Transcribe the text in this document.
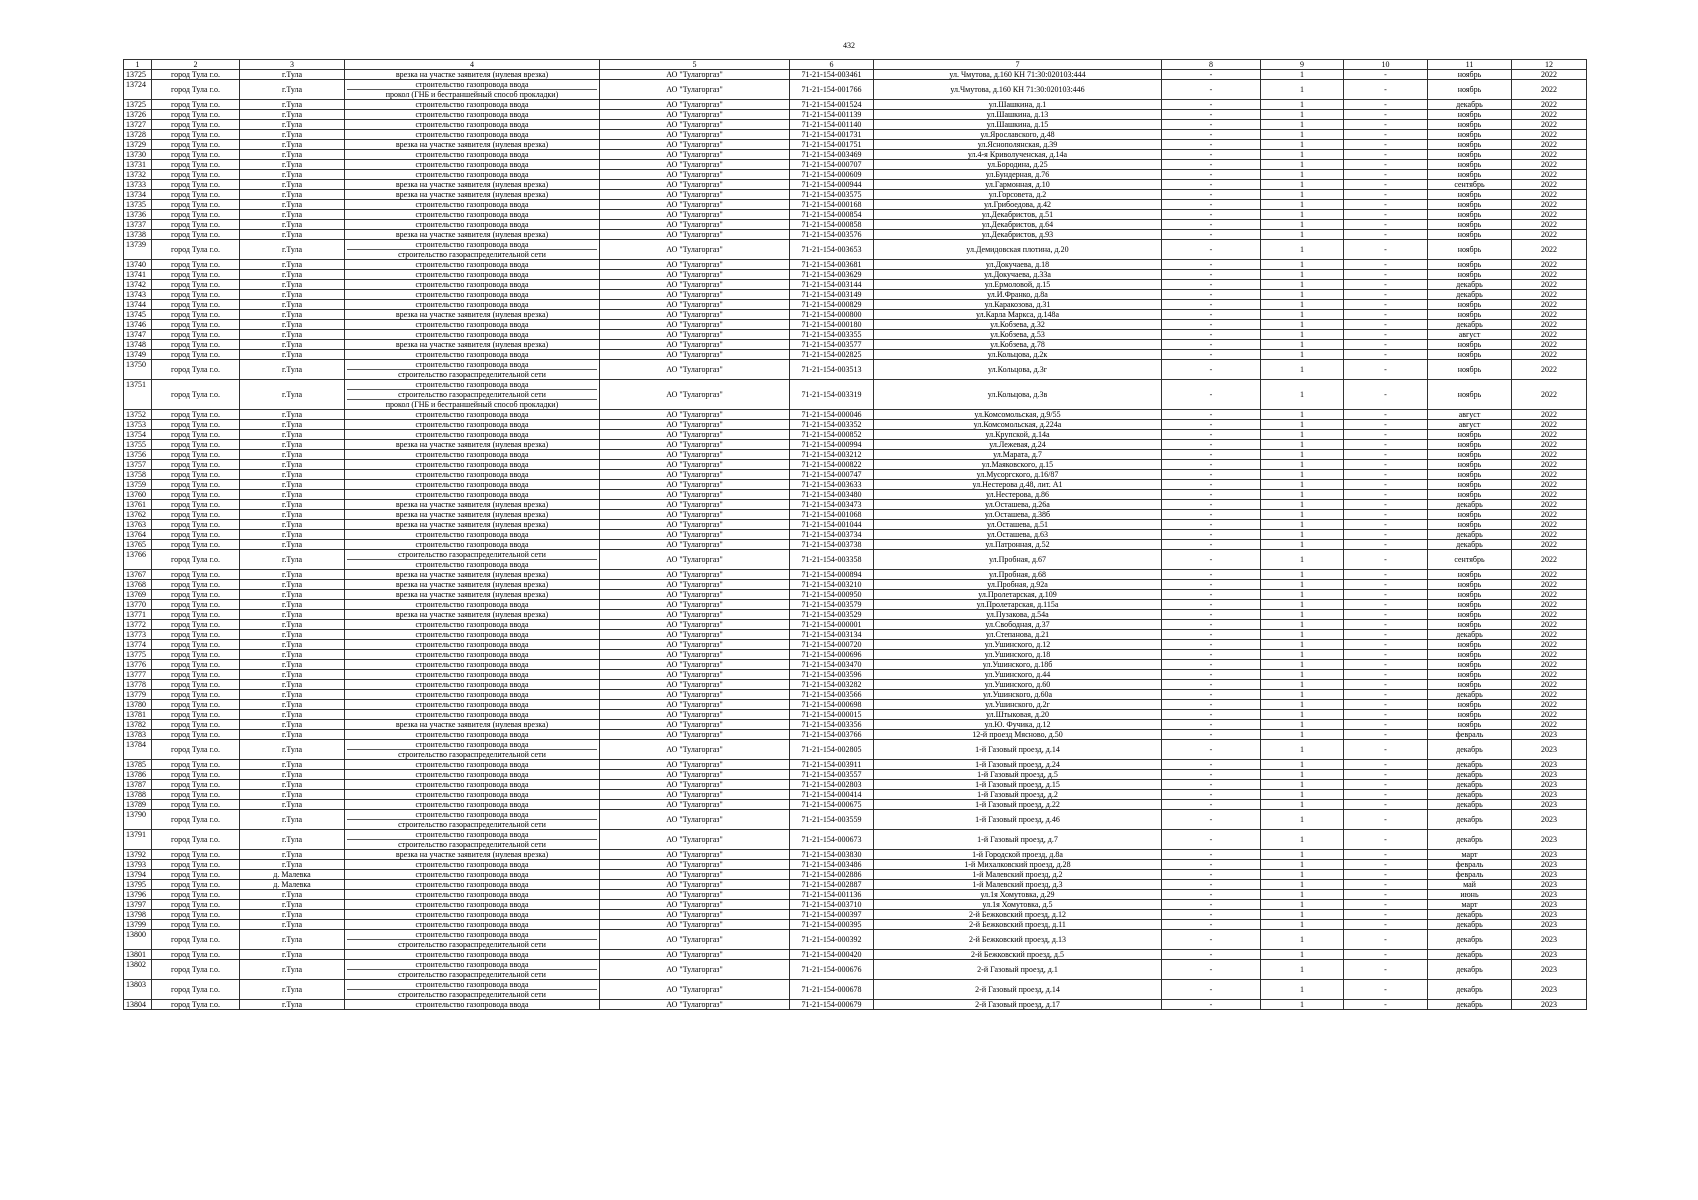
432
1	2	3	4	5	6	7	8	9	10	11	12
13725	город Тула г.о.	г.Тула	врезка на участке заявителя (нулевая врезка)	АО "Тулагоргаз"	71-21-154-003461	ул. Чмутова, д.160 КН 71:30:020103:444	-	1	-	ноябрь	2022
13724	город Тула г.о.	г.Тула	строительство газопровода ввода
прокол (ГНБ и бестраншейный способ прокладки)	АО "Тулагоргаз"	71-21-154-001766	ул.Чмутова, д.160 КН 71:30:020103:446	-	1	-	ноябрь	2022
13725	город Тула г.о.	г.Тула	строительство газопровода ввода	АО "Тулагоргаз"	71-21-154-001524	ул.Шашкина, д.1	-	1	-	декабрь	2022
13726	город Тула г.о.	г.Тула	строительство газопровода ввода	АО "Тулагоргаз"	71-21-154-001139	ул.Шашкина, д.13	-	1	-	ноябрь	2022
13727	город Тула г.о.	г.Тула	строительство газопровода ввода	АО "Тулагоргаз"	71-21-154-001140	ул.Шашкина, д.15	-	1	-	ноябрь	2022
13728	город Тула г.о.	г.Тула	строительство газопровода ввода	АО "Тулагоргаз"	71-21-154-001731	ул.Ярославского, д.48	-	1	-	ноябрь	2022
13729	город Тула г.о.	г.Тула	врезка на участке заявителя (нулевая врезка)	АО "Тулагоргаз"	71-21-154-001751	ул.Яснополянская, д.39	-	1	-	ноябрь	2022
13730	город Тула г.о.	г.Тула	строительство газопровода ввода	АО "Тулагоргаз"	71-21-154-003469	ул.4-я Криволученская, д.14а	-	1	-	ноябрь	2022
13731	город Тула г.о.	г.Тула	строительство газопровода ввода	АО "Тулагоргаз"	71-21-154-000707	ул.Бородина, д.25	-	1	-	ноябрь	2022
13732	город Тула г.о.	г.Тула	строительство газопровода ввода	АО "Тулагоргаз"	71-21-154-000609	ул.Бундерная, д.76	-	1	-	ноябрь	2022
13733	город Тула г.о.	г.Тула	врезка на участке заявителя (нулевая врезка)	АО "Тулагоргаз"	71-21-154-000944	ул.Гармонная, д.10	-	1	-	сентябрь	2022
13734	город Тула г.о.	г.Тула	врезка на участке заявителя (нулевая врезка)	АО "Тулагоргаз"	71-21-154-003575	ул.Горсовета, д.2	-	1	-	ноябрь	2022
13735	город Тула г.о.	г.Тула	строительство газопровода ввода	АО "Тулагоргаз"	71-21-154-000168	ул.Грибоедова, д.42	-	1	-	ноябрь	2022
13736	город Тула г.о.	г.Тула	строительство газопровода ввода	АО "Тулагоргаз"	71-21-154-000854	ул.Декабристов, д.51	-	1	-	ноябрь	2022
13737	город Тула г.о.	г.Тула	строительство газопровода ввода	АО "Тулагоргаз"	71-21-154-000858	ул.Декабристов, д.64	-	1	-	ноябрь	2022
13738	город Тула г.о.	г.Тула	врезка на участке заявителя (нулевая врезка)	АО "Тулагоргаз"	71-21-154-003576	ул.Декабристов, д.93	-	1	-	ноябрь	2022
13739	город Тула г.о.	г.Тула	строительство газопровода ввода
строительство газораспределительной сети	АО "Тулагоргаз"	71-21-154-003653	ул.Демидовская плотина, д.20	-	1	-	ноябрь	2022
13740	город Тула г.о.	г.Тула	строительство газопровода ввода	АО "Тулагоргаз"	71-21-154-003681	ул.Докучаева, д.18	-	1	-	ноябрь	2022
13741	город Тула г.о.	г.Тула	строительство газопровода ввода	АО "Тулагоргаз"	71-21-154-003629	ул.Докучаева, д.33а	-	1	-	ноябрь	2022
13742	город Тула г.о.	г.Тула	строительство газопровода ввода	АО "Тулагоргаз"	71-21-154-003144	ул.Ермоловой, д.15	-	1	-	декабрь	2022
13743	город Тула г.о.	г.Тула	строительство газопровода ввода	АО "Тулагоргаз"	71-21-154-003149	ул.И.Франко, д.8а	-	1	-	декабрь	2022
13744	город Тула г.о.	г.Тула	строительство газопровода ввода	АО "Тулагоргаз"	71-21-154-000829	ул.Каракозова, д.31	-	1	-	ноябрь	2022
13745	город Тула г.о.	г.Тула	врезка на участке заявителя (нулевая врезка)	АО "Тулагоргаз"	71-21-154-000800	ул.Карла Маркса, д.148а	-	1	-	ноябрь	2022
13746	город Тула г.о.	г.Тула	строительство газопровода ввода	АО "Тулагоргаз"	71-21-154-000180	ул.Кобзева, д.32	-	1	-	декабрь	2022
13747	город Тула г.о.	г.Тула	строительство газопровода ввода	АО "Тулагоргаз"	71-21-154-003355	ул.Кобзева, д.53	-	1	-	август	2022
13748	город Тула г.о.	г.Тула	врезка на участке заявителя (нулевая врезка)	АО "Тулагоргаз"	71-21-154-003577	ул.Кобзева, д.78	-	1	-	ноябрь	2022
13749	город Тула г.о.	г.Тула	строительство газопровода ввода	АО "Тулагоргаз"	71-21-154-002825	ул.Кольцова, д.2к	-	1	-	ноябрь	2022
13750	город Тула г.о.	г.Тула	строительство газопровода ввода
строительство газораспределительной сети	АО "Тулагоргаз"	71-21-154-003513	ул.Кольцова, д.3г	-	1	-	ноябрь	2022
13751	город Тула г.о.	г.Тула	строительство газопровода ввода
строительство газораспределительной сети
прокол (ГНБ и бестраншейный способ прокладки)	АО "Тулагоргаз"	71-21-154-003319	ул.Кольцова, д.3в	-	1	-	ноябрь	2022
13752	город Тула г.о.	г.Тула	строительство газопровода ввода	АО "Тулагоргаз"	71-21-154-000046	ул.Комсомольская, д.9/55	-	1	-	август	2022
13753	город Тула г.о.	г.Тула	строительство газопровода ввода	АО "Тулагоргаз"	71-21-154-003352	ул.Комсомольская, д.224а	-	1	-	август	2022
13754	город Тула г.о.	г.Тула	строительство газопровода ввода	АО "Тулагоргаз"	71-21-154-000852	ул.Крупской, д.14а	-	1	-	ноябрь	2022
13755	город Тула г.о.	г.Тула	врезка на участке заявителя (нулевая врезка)	АО "Тулагоргаз"	71-21-154-000994	ул.Лежевая, д.24	-	1	-	ноябрь	2022
13756	город Тула г.о.	г.Тула	строительство газопровода ввода	АО "Тулагоргаз"	71-21-154-003212	ул.Марата, д.7	-	1	-	ноябрь	2022
13757	город Тула г.о.	г.Тула	строительство газопровода ввода	АО "Тулагоргаз"	71-21-154-000822	ул.Маяковского, д.15	-	1	-	ноябрь	2022
13758	город Тула г.о.	г.Тула	строительство газопровода ввода	АО "Тулагоргаз"	71-21-154-000747	ул.Мусоргского, д.16/87	-	1	-	ноябрь	2022
13759	город Тула г.о.	г.Тула	строительство газопровода ввода	АО "Тулагоргаз"	71-21-154-003633	ул.Нестерова д.48, лит. А1	-	1	-	ноябрь	2022
13760	город Тула г.о.	г.Тула	строительство газопровода ввода	АО "Тулагоргаз"	71-21-154-003480	ул.Нестерова, д.86	-	1	-	ноябрь	2022
13761	город Тула г.о.	г.Тула	врезка на участке заявителя (нулевая врезка)	АО "Тулагоргаз"	71-21-154-003473	ул.Осташева, д.26а	-	1	-	декабрь	2022
13762	город Тула г.о.	г.Тула	врезка на участке заявителя (нулевая врезка)	АО "Тулагоргаз"	71-21-154-001068	ул.Осташева, д.38б	-	1	-	ноябрь	2022
13763	город Тула г.о.	г.Тула	врезка на участке заявителя (нулевая врезка)	АО "Тулагоргаз"	71-21-154-001044	ул.Осташева, д.51	-	1	-	ноябрь	2022
13764	город Тула г.о.	г.Тула	строительство газопровода ввода	АО "Тулагоргаз"	71-21-154-003734	ул.Осташева, д.63	-	1	-	декабрь	2022
13765	город Тула г.о.	г.Тула	строительство газопровода ввода	АО "Тулагоргаз"	71-21-154-003738	ул.Патронная, д.52	-	1	-	декабрь	2022
13766	город Тула г.о.	г.Тула	строительство газораспределительной сети
строительство газопровода ввода	АО "Тулагоргаз"	71-21-154-003358	ул.Пробная, д.67	-	1	-	сентябрь	2022
13767	город Тула г.о.	г.Тула	врезка на участке заявителя (нулевая врезка)	АО "Тулагоргаз"	71-21-154-000894	ул.Пробная, д.68	-	1	-	ноябрь	2022
13768	город Тула г.о.	г.Тула	врезка на участке заявителя (нулевая врезка)	АО "Тулагоргаз"	71-21-154-003210	ул.Пробная, д.92а	-	1	-	ноябрь	2022
13769	город Тула г.о.	г.Тула	врезка на участке заявителя (нулевая врезка)	АО "Тулагоргаз"	71-21-154-000950	ул.Пролетарская, д.109	-	1	-	ноябрь	2022
13770	город Тула г.о.	г.Тула	строительство газопровода ввода	АО "Тулагоргаз"	71-21-154-003579	ул.Пролетарская, д.115а	-	1	-	ноябрь	2022
13771	город Тула г.о.	г.Тула	врезка на участке заявителя (нулевая врезка)	АО "Тулагоргаз"	71-21-154-003529	ул.Пузакова, д.54а	-	1	-	ноябрь	2022
13772	город Тула г.о.	г.Тула	строительство газопровода ввода	АО "Тулагоргаз"	71-21-154-000001	ул.Свободная, д.37	-	1	-	ноябрь	2022
13773	город Тула г.о.	г.Тула	строительство газопровода ввода	АО "Тулагоргаз"	71-21-154-003134	ул.Степанова, д.21	-	1	-	декабрь	2022
13774	город Тула г.о.	г.Тула	строительство газопровода ввода	АО "Тулагоргаз"	71-21-154-000720	ул.Ушинского, д.12	-	1	-	ноябрь	2022
13775	город Тула г.о.	г.Тула	строительство газопровода ввода	АО "Тулагоргаз"	71-21-154-000696	ул.Ушинского, д.18	-	1	-	ноябрь	2022
13776	город Тула г.о.	г.Тула	строительство газопровода ввода	АО "Тулагоргаз"	71-21-154-003470	ул.Ушинского, д.18б	-	1	-	ноябрь	2022
13777	город Тула г.о.	г.Тула	строительство газопровода ввода	АО "Тулагоргаз"	71-21-154-003596	ул.Ушинского, д.44	-	1	-	ноябрь	2022
13778	город Тула г.о.	г.Тула	строительство газопровода ввода	АО "Тулагоргаз"	71-21-154-003282	ул.Ушинского, д.60	-	1	-	ноябрь	2022
13779	город Тула г.о.	г.Тула	строительство газопровода ввода	АО "Тулагоргаз"	71-21-154-003566	ул.Ушинского, д.60а	-	1	-	декабрь	2022
13780	город Тула г.о.	г.Тула	строительство газопровода ввода	АО "Тулагоргаз"	71-21-154-000698	ул.Ушинского, д.2г	-	1	-	ноябрь	2022
13781	город Тула г.о.	г.Тула	строительство газопровода ввода	АО "Тулагоргаз"	71-21-154-000015	ул.Штыковая, д.20	-	1	-	ноябрь	2022
13782	город Тула г.о.	г.Тула	врезка на участке заявителя (нулевая врезка)	АО "Тулагоргаз"	71-21-154-003356	ул.Ю. Фучика, д.12	-	1	-	ноябрь	2022
13783	город Тула г.о.	г.Тула	строительство газопровода ввода	АО "Тулагоргаз"	71-21-154-003766	12-й проезд Мясново, д.50	-	1	-	февраль	2023
13784	город Тула г.о.	г.Тула	строительство газопровода ввода
строительство газораспределительной сети	АО "Тулагоргаз"	71-21-154-002805	1-й Газовый проезд, д.14	-	1	-	декабрь	2023
13785	город Тула г.о.	г.Тула	строительство газопровода ввода	АО "Тулагоргаз"	71-21-154-003911	1-й Газовый проезд, д.24	-	1	-	декабрь	2023
13786	город Тула г.о.	г.Тула	строительство газопровода ввода	АО "Тулагоргаз"	71-21-154-003557	1-й Газовый проезд, д.5	-	1	-	декабрь	2023
13787	город Тула г.о.	г.Тула	строительство газопровода ввода	АО "Тулагоргаз"	71-21-154-002803	1-й Газовый проезд, д.15	-	1	-	декабрь	2023
13788	город Тула г.о.	г.Тула	строительство газопровода ввода	АО "Тулагоргаз"	71-21-154-000414	1-й Газовый проезд, д.2	-	1	-	декабрь	2023
13789	город Тула г.о.	г.Тула	строительство газопровода ввода	АО "Тулагоргаз"	71-21-154-000675	1-й Газовый проезд, д.22	-	1	-	декабрь	2023
13790	город Тула г.о.	г.Тула	строительство газопровода ввода
строительство газораспределительной сети	АО "Тулагоргаз"	71-21-154-003559	1-й Газовый проезд, д.46	-	1	-	декабрь	2023
13791	город Тула г.о.	г.Тула	строительство газопровода ввода
строительство газораспределительной сети	АО "Тулагоргаз"	71-21-154-000673	1-й Газовый проезд, д.7	-	1	-	декабрь	2023
13792	город Тула г.о.	г.Тула	врезка на участке заявителя (нулевая врезка)	АО "Тулагоргаз"	71-21-154-003830	1-й Городской проезд, д.8а	-	1	-	март	2023
13793	город Тула г.о.	г.Тула	строительство газопровода ввода	АО "Тулагоргаз"	71-21-154-003486	1-й Михалковский проезд, д.28	-	1	-	февраль	2023
13794	город Тула г.о.	д. Малевка	строительство газопровода ввода	АО "Тулагоргаз"	71-21-154-002886	1-й Малевский проезд, д.2	-	1	-	февраль	2023
13795	город Тула г.о.	д. Малевка	строительство газопровода ввода	АО "Тулагоргаз"	71-21-154-002887	1-й Малевский проезд, д.3	-	1	-	май	2023
13796	город Тула г.о.	г.Тула	строительство газопровода ввода	АО "Тулагоргаз"	71-21-154-001136	ул.1я Хомутовка, д.29	-	1	-	июнь	2023
13797	город Тула г.о.	г.Тула	строительство газопровода ввода	АО "Тулагоргаз"	71-21-154-003710	ул.1я Хомутовка, д.5	-	1	-	март	2023
13798	город Тула г.о.	г.Тула	строительство газопровода ввода	АО "Тулагоргаз"	71-21-154-000397	2-й Бежковский проезд, д.12	-	1	-	декабрь	2023
13799	город Тула г.о.	г.Тула	строительство газопровода ввода	АО "Тулагоргаз"	71-21-154-000395	2-й Бежковский проезд, д.11	-	1	-	декабрь	2023
13800	город Тула г.о.	г.Тула	строительство газопровода ввода
строительство газораспределительной сети	АО "Тулагоргаз"	71-21-154-000392	2-й Бежковский проезд, д.13	-	1	-	декабрь	2023
13801	город Тула г.о.	г.Тула	строительство газопровода ввода	АО "Тулагоргаз"	71-21-154-000420	2-й Бежковский проезд, д.5	-	1	-	декабрь	2023
13802	город Тула г.о.	г.Тула	строительство газопровода ввода
строительство газораспределительной сети	АО "Тулагоргаз"	71-21-154-000676	2-й Газовый проезд, д.1	-	1	-	декабрь	2023
13803	город Тула г.о.	г.Тула	строительство газопровода ввода
строительство газораспределительной сети	АО "Тулагоргаз"	71-21-154-000678	2-й Газовый проезд, д.14	-	1	-	декабрь	2023
13804	город Тула г.о.	г.Тула	строительство газопровода ввода	АО "Тулагоргаз"	71-21-154-000679	2-й Газовый проезд, д.17	-	1	-	декабрь	2023
